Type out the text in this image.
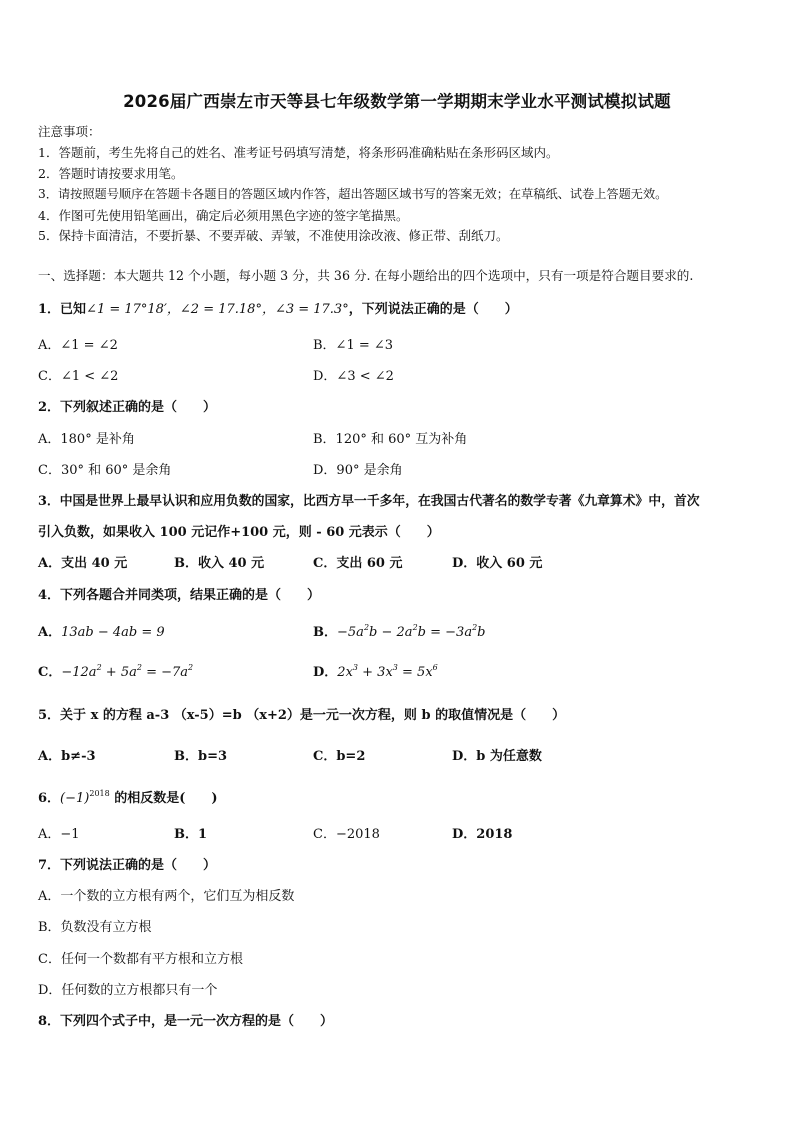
2026届广西崇左市天等县七年级数学第一学期期末学业水平测试模拟试题
注意事项：
1．答题前，考生先将自己的姓名、准考证号码填写清楚，将条形码准确粘贴在条形码区域内。
2．答题时请按要求用笔。
3．请按照题号顺序在答题卡各题目的答题区域内作答，超出答题区域书写的答案无效；在草稿纸、试卷上答题无效。
4．作图可先使用铅笔画出，确定后必须用黑色字迹的签字笔描黑。
5．保持卡面清洁，不要折暴、不要弄破、弄皱，不准使用涂改液、修正带、刮纸刀。
一、选择题：本大题共 12 个小题，每小题 3 分，共 36 分. 在每小题给出的四个选项中，只有一项是符合题目要求的.
1．已知∠1 = 17°18′，∠2 = 17.18°，∠3 = 17.3°，下列说法正确的是（　　）
A．∠1 = ∠2	B．∠1 = ∠3
C．∠1 < ∠2	D．∠3 < ∠2
2．下列叙述正确的是（　　）
A．180° 是补角	B．120° 和 60° 互为补角
C．30° 和 60° 是余角	D．90° 是余角
3．中国是世界上最早认识和应用负数的国家，比西方早一千多年，在我国古代著名的数学专著《九章算术》中，首次
引入负数，如果收入 100 元记作+100 元，则 - 60 元表示（　　）
A．支出 40 元	B．收入 40 元	C．支出 60 元	D．收入 60 元
4．下列各题合并同类项，结果正确的是（　　）
A．13ab − 4ab = 9	B．$-5a^2b - 2a^2b = -3a^2b$
C．$-12a^2 + 5a^2 = -7a^2$	D．$2x^3 + 3x^3 = 5x^6$
5．关于 x 的方程 a-3 （x-5）=b （x+2）是一元一次方程，则 b 的取值情况是（　　）
A．b≠-3	B．b=3	C．b=2	D．b 为任意数
6．$(-1)^{2018}$ 的相反数是(　　)
A．−1	B．1	C．−2018	D．2018
7．下列说法正确的是（　　）
A．一个数的立方根有两个，它们互为相反数
B．负数没有立方根
C．任何一个数都有平方根和立方根
D．任何数的立方根都只有一个
8．下列四个式子中，是一元一次方程的是（　　）
